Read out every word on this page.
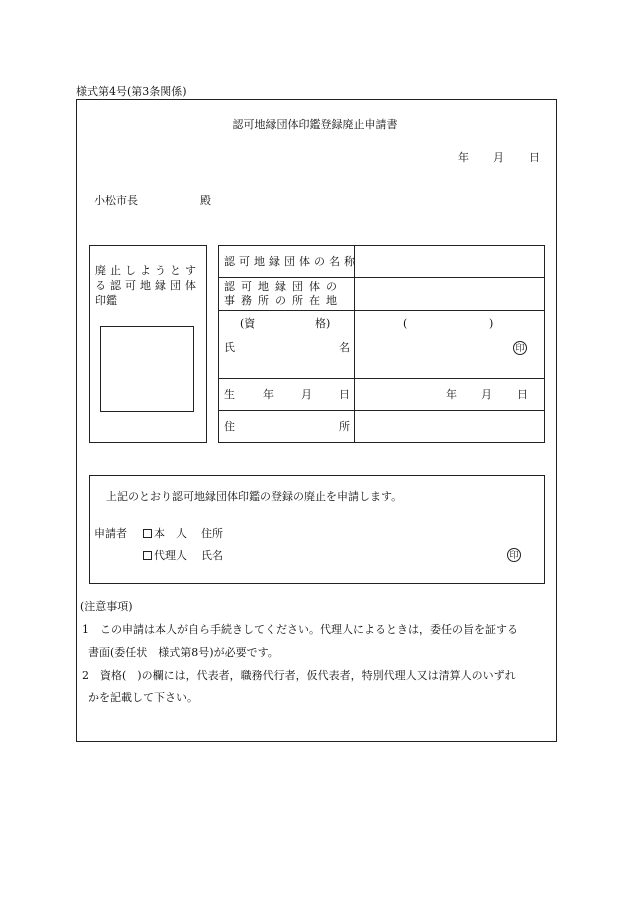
様式第4号(第3条関係)
認可地縁団体印鑑登録廃止申請書
年 月 日
小松市長	殿
廃止しようとす
る認可地縁団体
印鑑
認可地縁団体の名称
認可地縁団体の
事務所の所在地
(資	格)	(	)
氏	名	印
生	年 月 日	年 月 日
住	所
上記のとおり認可地縁団体印鑑の登録の廃止を申請します。
申請者 本　人 住所
代理人 氏名	印
(注意事項)
1 この申請は本人が自ら手続きしてください。代理人によるときは，委任の旨を証する
書面(委任状　様式第8号)が必要です。
2 資格(　)の欄には，代表者，職務代行者，仮代表者，特別代理人又は清算人のいずれ
かを記載して下さい。
